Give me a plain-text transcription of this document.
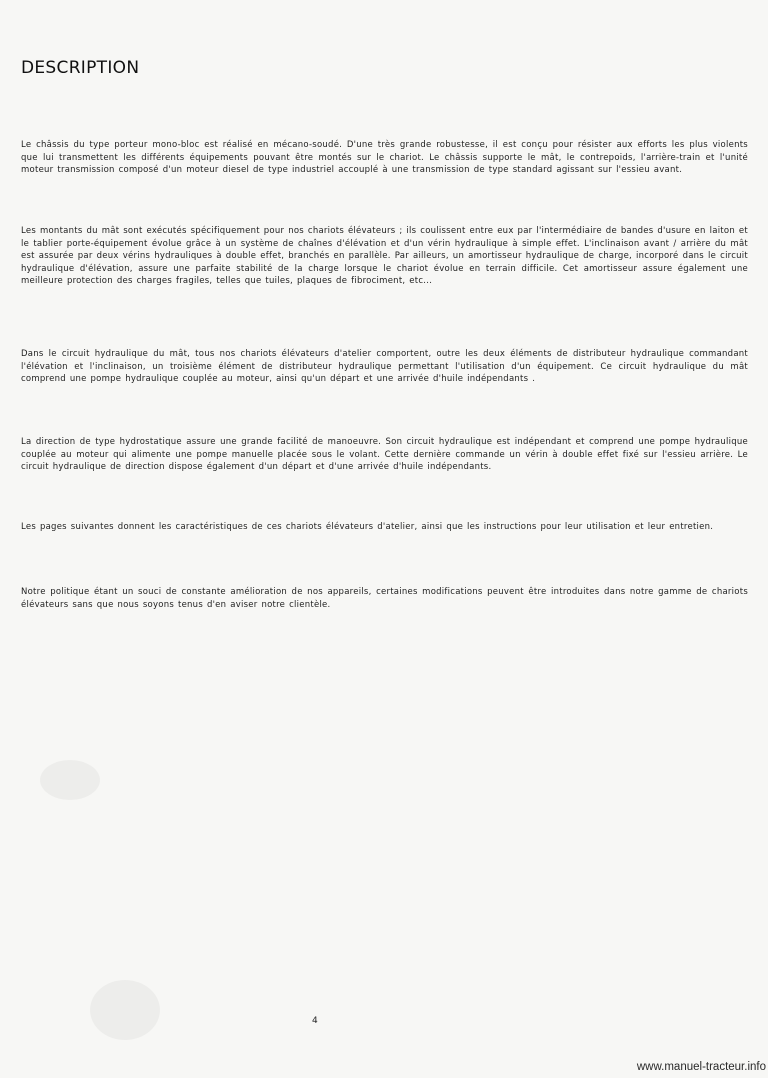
DESCRIPTION

Le châssis du type porteur mono-bloc est réalisé en mécano-soudé. D'une très grande robustesse, il est conçu pour résister aux efforts les plus violents que lui transmettent les différents équipements pouvant être montés sur le chariot. Le châssis supporte le mât, le contrepoids, l'arrière-train et l'unité moteur transmission composé d'un moteur diesel de type industriel accouplé à une transmission de type standard agissant sur l'essieu avant.

Les montants du mât sont exécutés spécifiquement pour nos chariots élévateurs ; ils coulissent entre eux par l'intermédiaire de bandes d'usure en laiton et le tablier porte-équipement évolue grâce à un système de chaînes d'élévation et d'un vérin hydraulique à simple effet. L'inclinaison avant / arrière du mât est assurée par deux vérins hydrauliques à double effet, branchés en parallèle. Par ailleurs, un amortisseur hydraulique de charge, incorporé dans le circuit hydraulique d'élévation, assure une parfaite stabilité de la charge lorsque le chariot évolue en terrain difficile. Cet amortisseur assure également une meilleure protection des charges fragiles, telles que tuiles, plaques de fibrociment, etc...

Dans le circuit hydraulique du mât, tous nos chariots élévateurs d'atelier comportent, outre les deux éléments de distributeur hydraulique commandant l'élévation et l'inclinaison, un troisième élément de distributeur hydraulique permettant l'utilisation d'un équipement. Ce circuit hydraulique du mât comprend une pompe hydraulique couplée au moteur, ainsi qu'un départ et une arrivée d'huile indépendants .

La direction de type hydrostatique assure une grande facilité de manoeuvre. Son circuit hydraulique est indépendant et comprend une pompe hydraulique couplée au moteur qui alimente une pompe manuelle placée sous le volant. Cette dernière commande un vérin à double effet fixé sur l'essieu arrière. Le circuit hydraulique de direction dispose également d'un départ et d'une arrivée d'huile indépendants.

Les pages suivantes donnent les caractéristiques de ces chariots élévateurs d'atelier, ainsi que les instructions pour leur utilisation et leur entretien.

Notre politique étant un souci de constante amélioration de nos appareils, certaines modifications peuvent être introduites dans notre gamme de chariots élévateurs sans que nous soyons tenus d'en aviser notre clientèle.

4
www.manuel-tracteur.info
